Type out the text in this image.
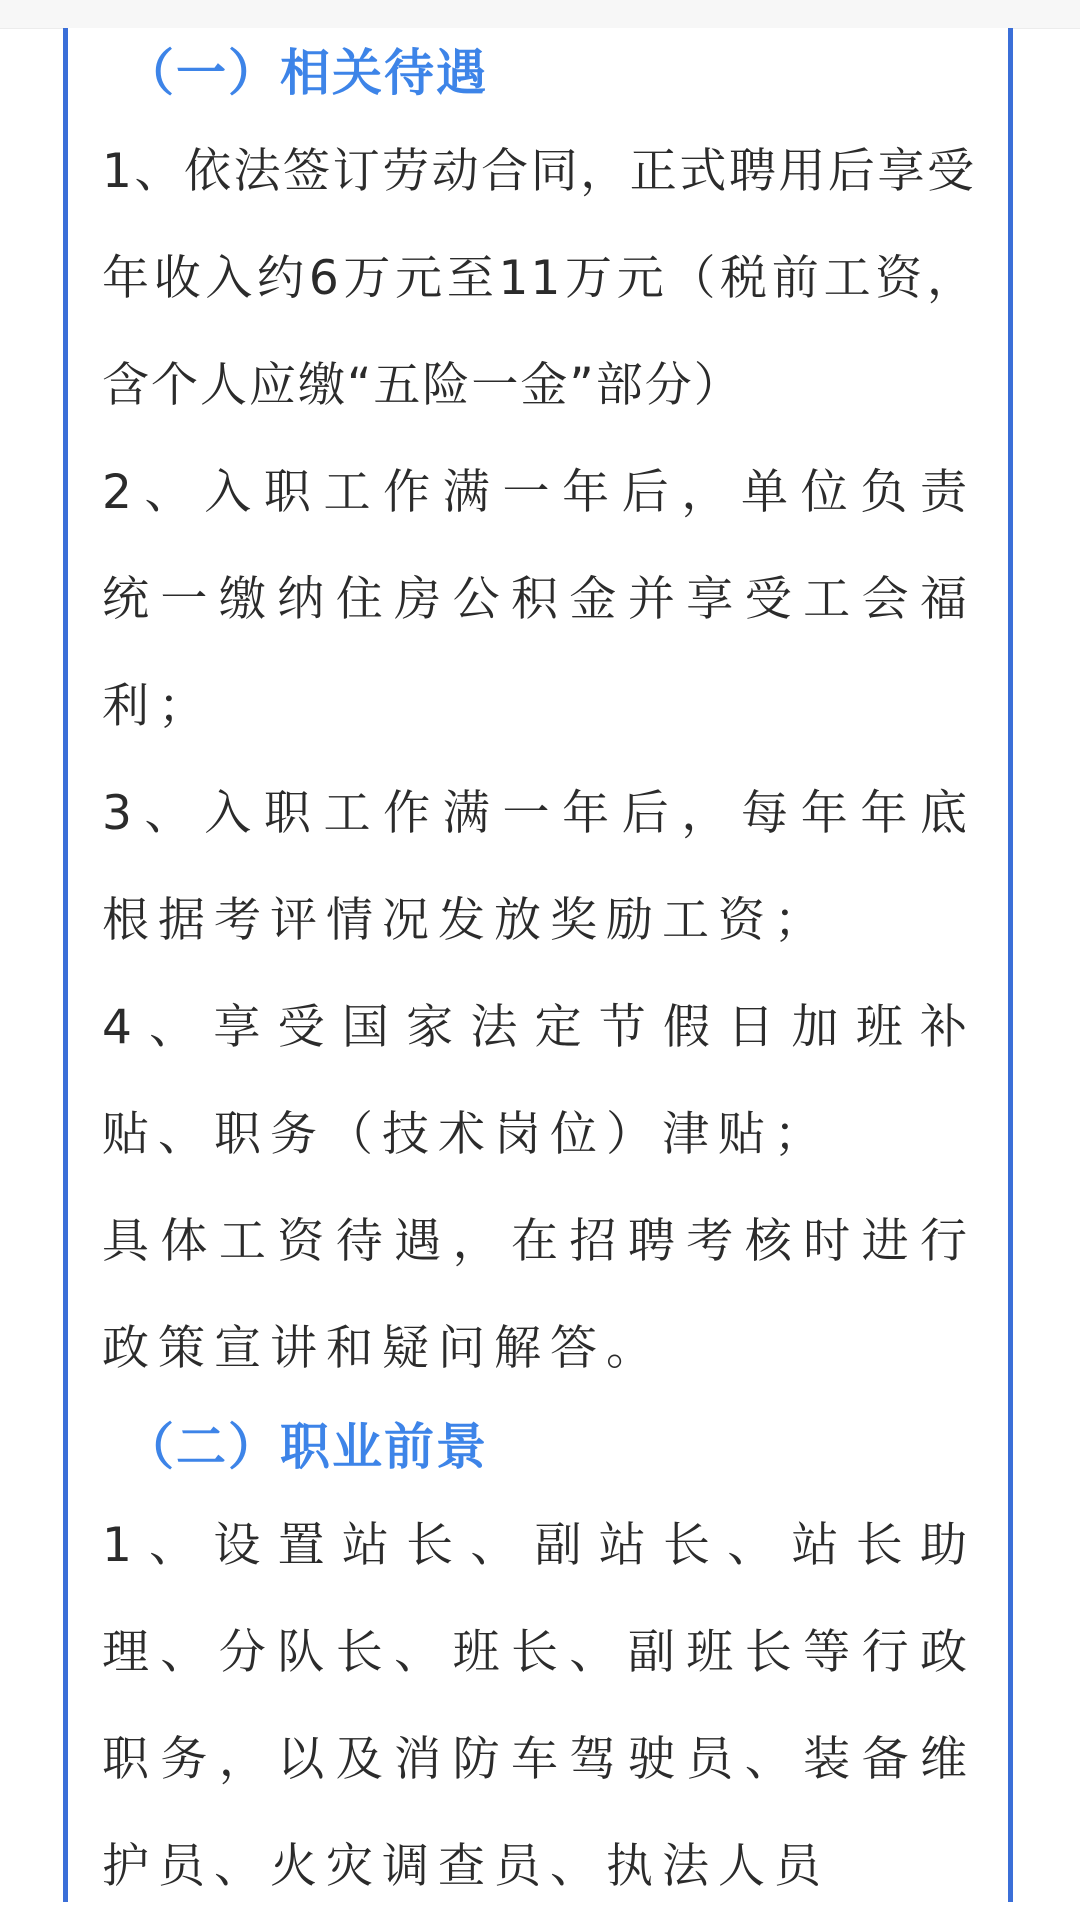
（一）相关待遇

1、依法签订劳动合同，正式聘用后享受年收入约6万元至11万元（税前工资，含个人应缴“五险一金”部分）

2、入职工作满一年后，单位负责统一缴纳住房公积金并享受工会福利；

3、入职工作满一年后，每年年底根据考评情况发放奖励工资；

4、享受国家法定节假日加班补贴、职务（技术岗位）津贴；

具体工资待遇，在招聘考核时进行政策宣讲和疑问解答。

（二）职业前景

1、设置站长、副站长、站长助理、分队长、班长、副班长等行政职务，以及消防车驾驶员、装备维护员、火灾调查员、执法人员
